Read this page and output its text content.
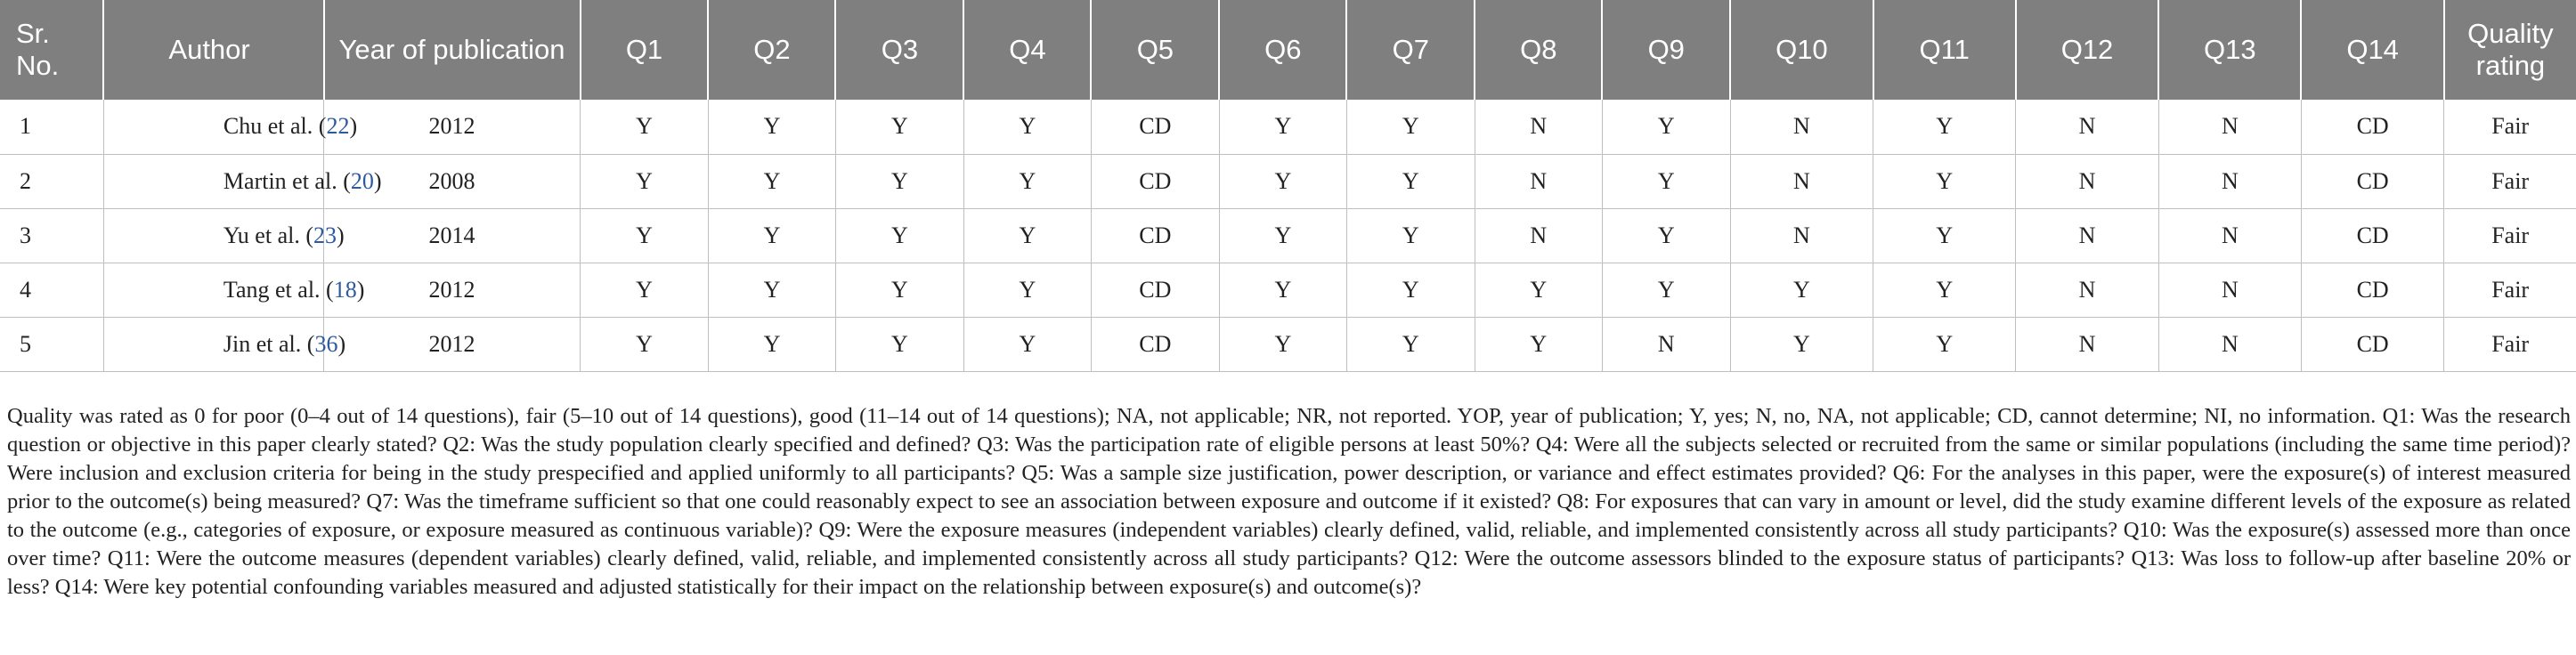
Sr. No.	Author	Year of publication	Q1	Q2	Q3	Q4	Q5	Q6	Q7	Q8	Q9	Q10	Q11	Q12	Q13	Q14	Quality rating
1	Chu et al. (22)	2012	Y	Y	Y	Y	CD	Y	Y	N	Y	N	Y	N	N	CD	Fair
2	Martin et al. (20)	2008	Y	Y	Y	Y	CD	Y	Y	N	Y	N	Y	N	N	CD	Fair
3	Yu et al. (23)	2014	Y	Y	Y	Y	CD	Y	Y	N	Y	N	Y	N	N	CD	Fair
4	Tang et al. (18)	2012	Y	Y	Y	Y	CD	Y	Y	Y	Y	Y	Y	N	N	CD	Fair
5	Jin et al. (36)	2012	Y	Y	Y	Y	CD	Y	Y	Y	N	Y	Y	N	N	CD	Fair

Quality was rated as 0 for poor (0–4 out of 14 questions), fair (5–10 out of 14 questions), good (11–14 out of 14 questions); NA, not applicable; NR, not reported. YOP, year of publication; Y, yes; N, no, NA, not applicable; CD, cannot determine; NI, no information. Q1: Was the research question or objective in this paper clearly stated? Q2: Was the study population clearly specified and defined? Q3: Was the participation rate of eligible persons at least 50%? Q4: Were all the subjects selected or recruited from the same or similar populations (including the same time period)? Were inclusion and exclusion criteria for being in the study prespecified and applied uniformly to all participants? Q5: Was a sample size justification, power description, or variance and effect estimates provided? Q6: For the analyses in this paper, were the exposure(s) of interest measured prior to the outcome(s) being measured? Q7: Was the timeframe sufficient so that one could reasonably expect to see an association between exposure and outcome if it existed? Q8: For exposures that can vary in amount or level, did the study examine different levels of the exposure as related to the outcome (e.g., categories of exposure, or exposure measured as continuous variable)? Q9: Were the exposure measures (independent variables) clearly defined, valid, reliable, and implemented consistently across all study participants? Q10: Was the exposure(s) assessed more than once over time? Q11: Were the outcome measures (dependent variables) clearly defined, valid, reliable, and implemented consistently across all study participants? Q12: Were the outcome assessors blinded to the exposure status of participants? Q13: Was loss to follow-up after baseline 20% or less? Q14: Were key potential confounding variables measured and adjusted statistically for their impact on the relationship between exposure(s) and outcome(s)?
